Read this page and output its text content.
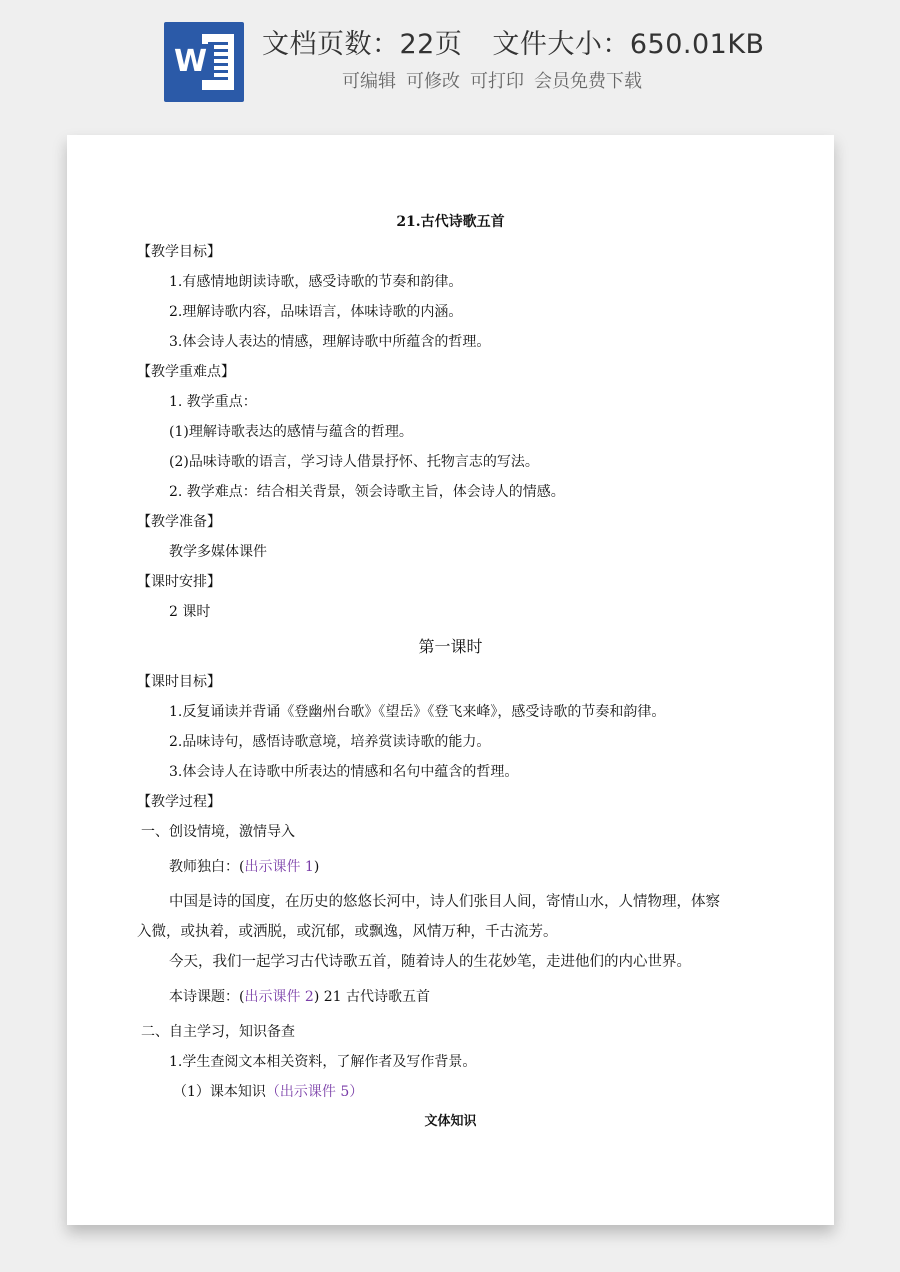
W 文档页数：22页 文件大小：650.01KB
可编辑 可修改 可打印 会员免费下载
21.古代诗歌五首
【教学目标】
1.有感情地朗读诗歌，感受诗歌的节奏和韵律。
2.理解诗歌内容，品味语言，体味诗歌的内涵。
3.体会诗人表达的情感，理解诗歌中所蕴含的哲理。
【教学重难点】
1. 教学重点：
(1)理解诗歌表达的感情与蕴含的哲理。
(2)品味诗歌的语言，学习诗人借景抒怀、托物言志的写法。
2. 教学难点：结合相关背景，领会诗歌主旨，体会诗人的情感。
【教学准备】
教学多媒体课件
【课时安排】
2 课时
第一课时
【课时目标】
1.反复诵读并背诵《登幽州台歌》《望岳》《登飞来峰》，感受诗歌的节奏和韵律。
2.品味诗句，感悟诗歌意境，培养赏读诗歌的能力。
3.体会诗人在诗歌中所表达的情感和名句中蕴含的哲理。
【教学过程】
一、创设情境，激情导入
教师独白：(出示课件 1)
中国是诗的国度，在历史的悠悠长河中，诗人们张目人间，寄情山水，人情物理，体察
入微，或执着，或洒脱，或沉郁，或飘逸，风情万种，千古流芳。
今天，我们一起学习古代诗歌五首，随着诗人的生花妙笔，走进他们的内心世界。
本诗课题：(出示课件 2) 21 古代诗歌五首
二、自主学习，知识备查
1.学生查阅文本相关资料，了解作者及写作背景。
（1）课本知识（出示课件 5）
文体知识
